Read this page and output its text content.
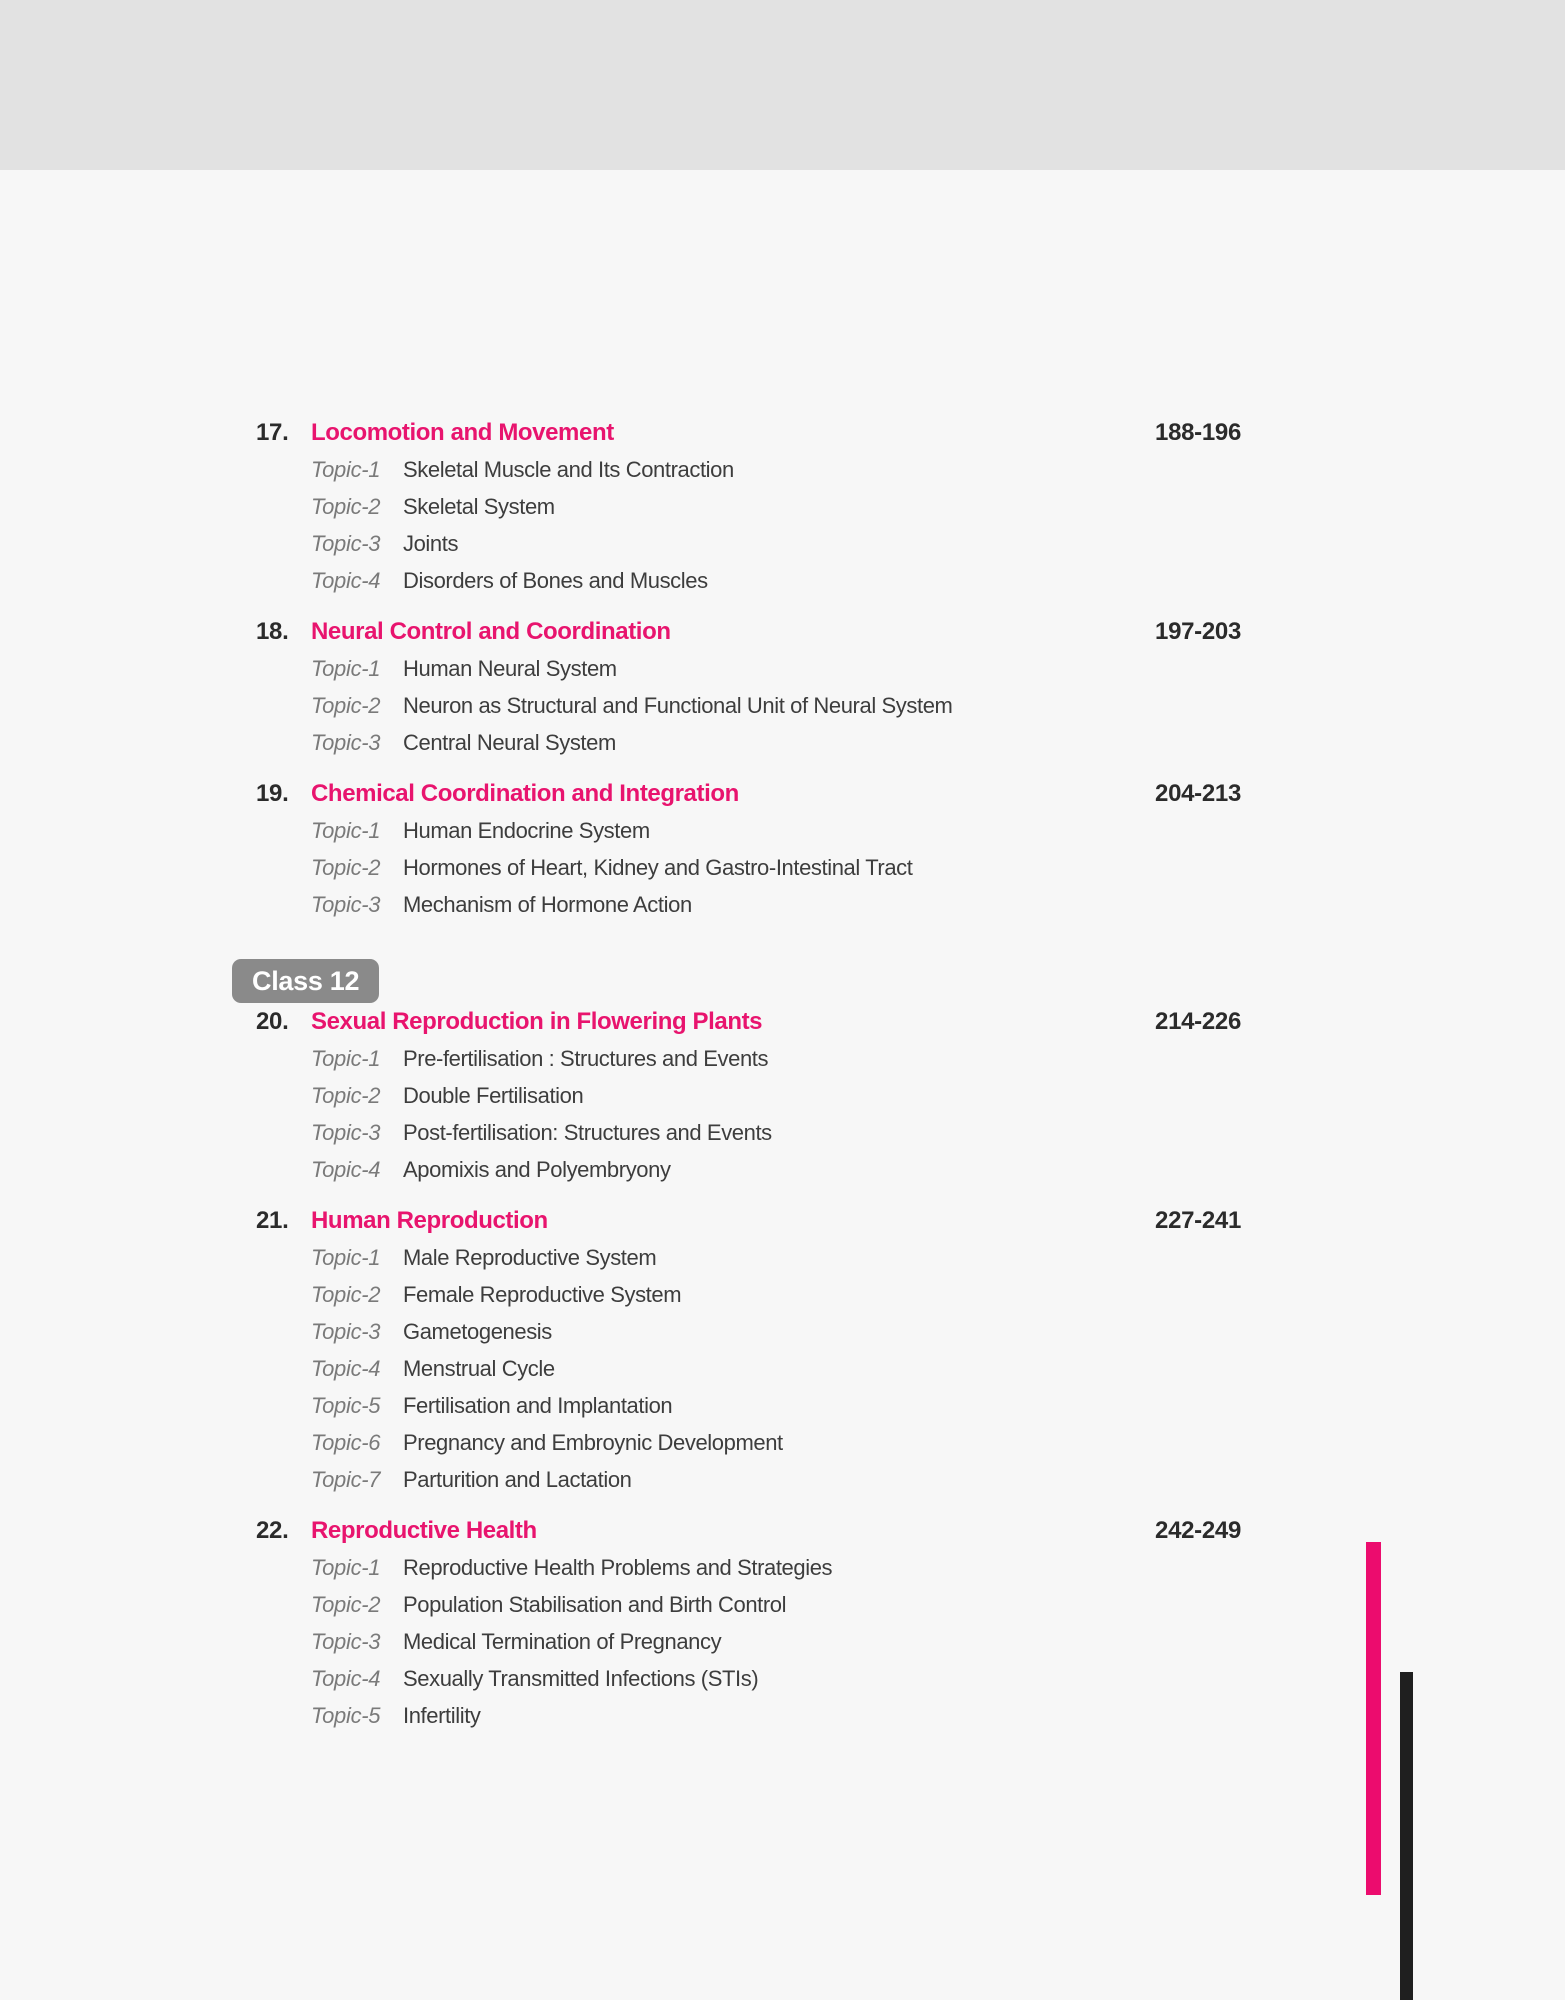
17. Locomotion and Movement	188-196
Topic-1	Skeletal Muscle and Its Contraction
Topic-2	Skeletal System
Topic-3	Joints
Topic-4	Disorders of Bones and Muscles
18. Neural Control and Coordination	197-203
Topic-1	Human Neural System
Topic-2	Neuron as Structural and Functional Unit of Neural System
Topic-3	Central Neural System
19. Chemical Coordination and Integration	204-213
Topic-1	Human Endocrine System
Topic-2	Hormones of Heart, Kidney and Gastro-Intestinal Tract
Topic-3	Mechanism of Hormone Action
Class 12
20. Sexual Reproduction in Flowering Plants	214-226
Topic-1	Pre-fertilisation : Structures and Events
Topic-2	Double Fertilisation
Topic-3	Post-fertilisation: Structures and Events
Topic-4	Apomixis and Polyembryony
21. Human Reproduction	227-241
Topic-1	Male Reproductive System
Topic-2	Female Reproductive System
Topic-3	Gametogenesis
Topic-4	Menstrual Cycle
Topic-5	Fertilisation and Implantation
Topic-6	Pregnancy and Embroynic Development
Topic-7	Parturition and Lactation
22. Reproductive Health	242-249
Topic-1	Reproductive Health Problems and Strategies
Topic-2	Population Stabilisation and Birth Control
Topic-3	Medical Termination of Pregnancy
Topic-4	Sexually Transmitted Infections (STIs)
Topic-5	Infertility
